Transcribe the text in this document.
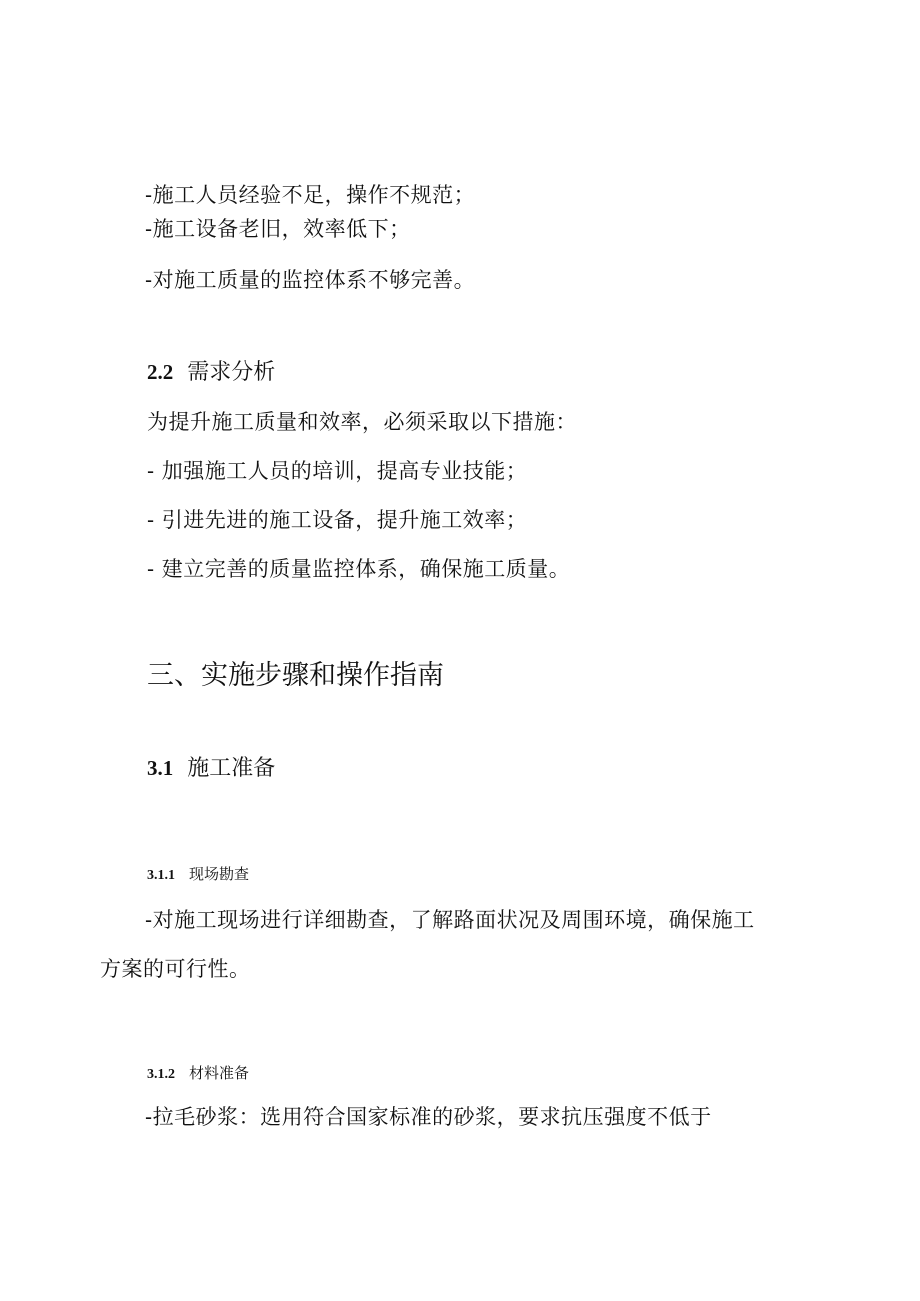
-施工人员经验不足，操作不规范；
-施工设备老旧，效率低下；
-对施工质量的监控体系不够完善。
2.2 需求分析
为提升施工质量和效率，必须采取以下措施：
- 加强施工人员的培训，提高专业技能；
- 引进先进的施工设备，提升施工效率；
- 建立完善的质量监控体系，确保施工质量。
三、实施步骤和操作指南
3.1 施工准备
3.1.1 现场勘查
-对施工现场进行详细勘查，了解路面状况及周围环境，确保施工
方案的可行性。
3.1.2 材料准备
-拉毛砂浆：选用符合国家标准的砂浆，要求抗压强度不低于
